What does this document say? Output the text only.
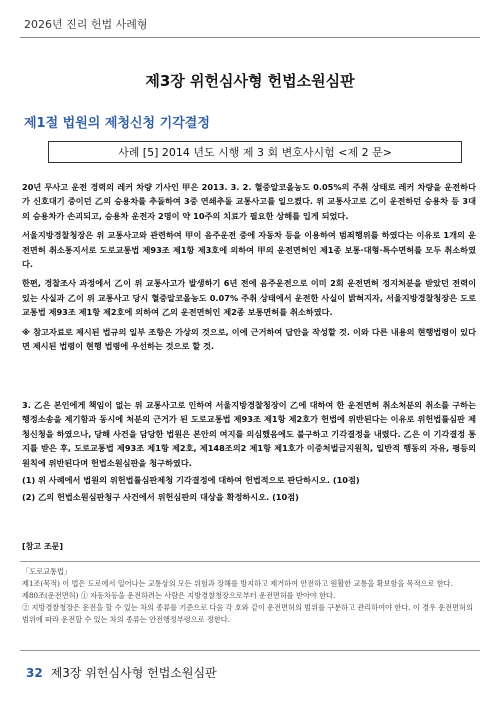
2026년 진리 헌법 사례형
제3장 위헌심사형 헌법소원심판
제1절 법원의 제청신청 기각결정
사례 [5] 2014 년도 시행 제 3 회 변호사시험 <제 2 문>

20년 무사고 운전 경력의 레커 차량 기사인 甲은 2013. 3. 2. 혈중알코올농도 0.05%의 주취 상태로 레커 차량을 운전하다가 신호대기 중이던 乙의 승용차를 추돌하여 3중 연쇄추돌 교통사고를 일으켰다. 위 교통사고로 乙이 운전하던 승용차 등 3대의 승용차가 손괴되고, 승용차 운전자 2명이 약 10주의 치료가 필요한 상해를 입게 되었다.

서울지방경찰청장은 위 교통사고와 관련하여 甲이 음주운전 중에 자동차 등을 이용하여 범죄행위를 하였다는 이유로 1개의 운전면허 취소통지서로 도로교통법 제93조 제1항 제3호에 의하여 甲의 운전면허인 제1종 보통·대형·특수면허를 모두 취소하였다.

한편, 경찰조사 과정에서 乙이 위 교통사고가 발생하기 6년 전에 음주운전으로 이미 2회 운전면허 정지처분을 받았던 전력이 있는 사실과 乙이 위 교통사고 당시 혈중알코올농도 0.07% 주취 상태에서 운전한 사실이 밝혀지자, 서울지방경찰청장은 도로교통법 제93조 제1항 제2호에 의하여 乙의 운전면허인 제2종 보통면허를 취소하였다.

※ 참고자료로 제시된 법규의 일부 조항은 가상의 것으로, 이에 근거하여 답안을 작성할 것. 이와 다른 내용의 현행법령이 있다면 제시된 법령이 현행 법령에 우선하는 것으로 할 것.

3. 乙은 본인에게 책임이 없는 위 교통사고로 인하여 서울지방경찰청장이 乙에 대하여 한 운전면허 취소처분의 취소를 구하는 행정소송을 제기함과 동시에 처분의 근거가 된 도로교통법 제93조 제1항 제2호가 헌법에 위반된다는 이유로 위헌법률심판 제청신청을 하였으나, 당해 사건을 담당한 법원은 본안의 여지를 의심했음에도 불구하고 기각결정을 내렸다. 乙은 이 기각결정 통지를 받은 후, 도로교통법 제93조 제1항 제2호, 제148조의2 제1항 제1호가 이중처벌금지원칙, 일반적 행동의 자유, 평등의 원칙에 위반된다며 헌법소원심판을 청구하였다.

(1) 위 사례에서 법원의 위헌법률심판제청 기각결정에 대하여 헌법적으로 판단하시오. (10점)

(2) 乙의 헌법소원심판청구 사건에서 위헌심판의 대상을 확정하시오. (10점)

[참고 조문]
「도로교통법」
제1조(목적) 이 법은 도로에서 일어나는 교통상의 모든 위험과 장해를 방지하고 제거하여 안전하고 원활한 교통을 확보함을 목적으로 한다.
제80조(운전면허) ① 자동차등을 운전하려는 사람은 지방경찰청장으로부터 운전면허를 받아야 한다.
② 지방경찰청장은 운전을 할 수 있는 차의 종류를 기준으로 다음 각 호와 같이 운전면허의 범위를 구분하고 관리하여야 한다. 이 경우 운전면허의 범위에 따라 운전할 수 있는 차의 종류는 안전행정부령으로 정한다.
32 제3장 위헌심사형 헌법소원심판
